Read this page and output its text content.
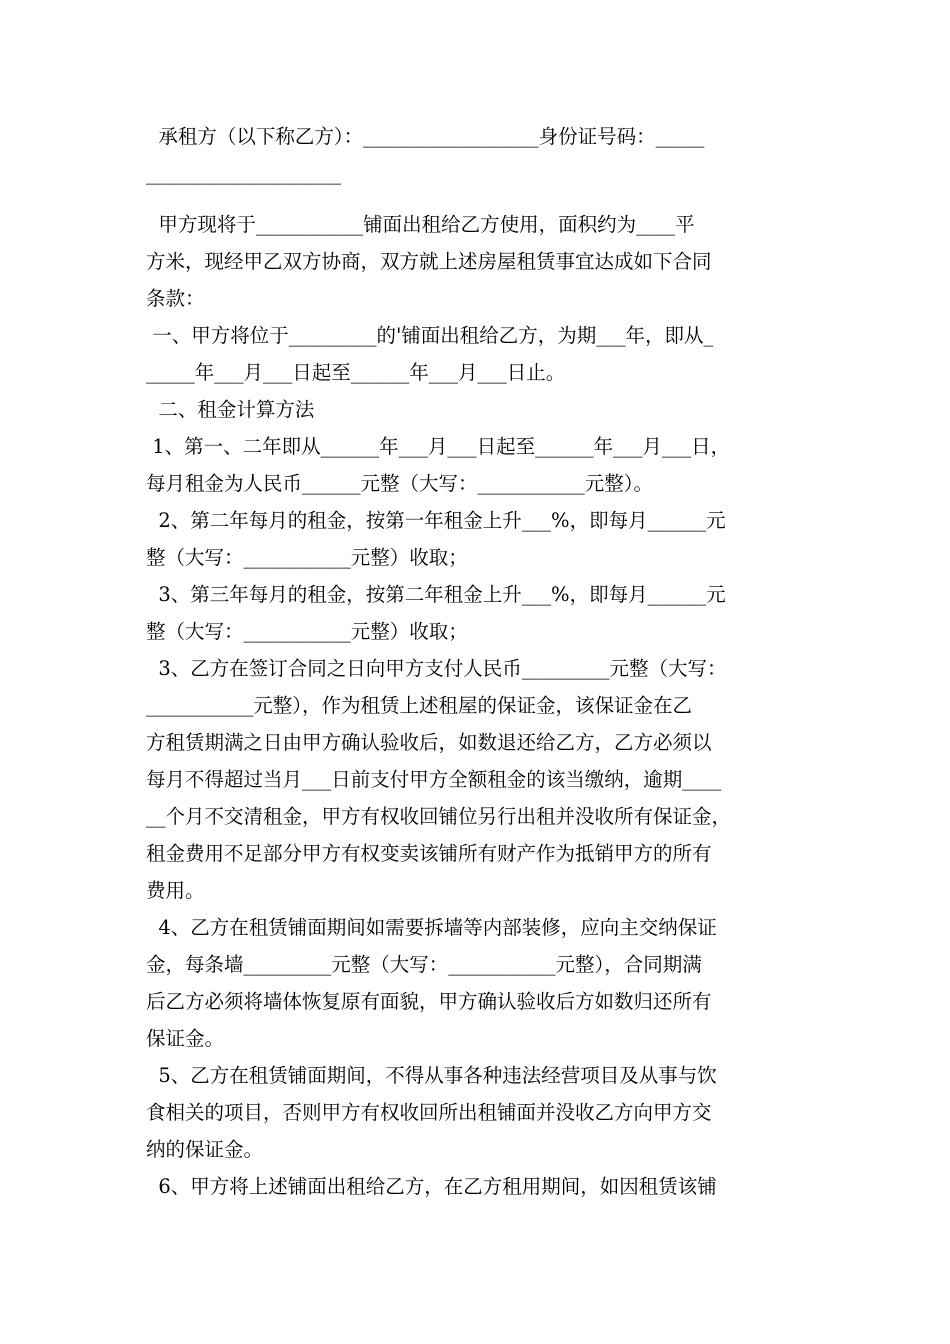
承租方（以下称乙方）：__________________身份证号码：_____
____________________
甲方现将于___________铺面出租给乙方使用，面积约为____平
方米，现经甲乙双方协商，双方就上述房屋租赁事宜达成如下合同
条款：
一、甲方将位于_________的'铺面出租给乙方，为期___年，即从_
_____年___月___日起至______年___月___日止。
二、租金计算方法
1、第一、二年即从______年___月___日起至______年___月___日，
每月租金为人民币______元整（大写：___________元整）。
2、第二年每月的租金，按第一年租金上升___%，即每月______元
整（大写：___________元整）收取；
3、第三年每月的租金，按第二年租金上升___%，即每月______元
整（大写：___________元整）收取；
3、乙方在签订合同之日向甲方支付人民币_________元整（大写：
___________元整），作为租赁上述租屋的保证金，该保证金在乙
方租赁期满之日由甲方确认验收后，如数退还给乙方，乙方必须以
每月不得超过当月___日前支付甲方全额租金的该当缴纳，逾期____
__个月不交清租金，甲方有权收回铺位另行出租并没收所有保证金，
租金费用不足部分甲方有权变卖该铺所有财产作为抵销甲方的所有
费用。
4、乙方在租赁铺面期间如需要拆墙等内部装修，应向主交纳保证
金，每条墙_________元整（大写：___________元整），合同期满
后乙方必须将墙体恢复原有面貌，甲方确认验收后方如数归还所有
保证金。
5、乙方在租赁铺面期间，不得从事各种违法经营项目及从事与饮
食相关的项目，否则甲方有权收回所出租铺面并没收乙方向甲方交
纳的保证金。
6、甲方将上述铺面出租给乙方，在乙方租用期间，如因租赁该铺
